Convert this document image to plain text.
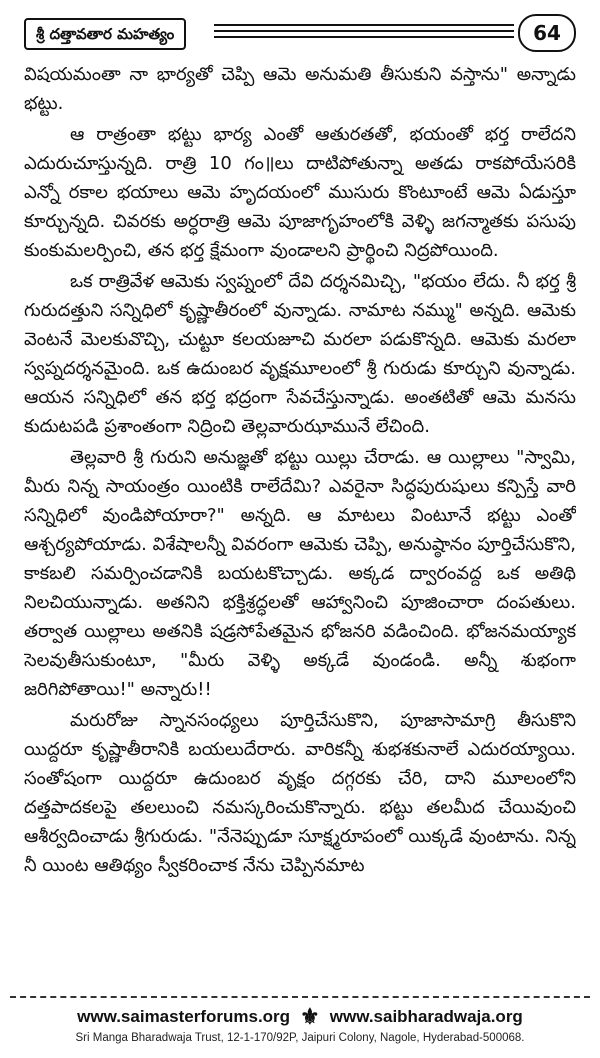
శ్రీ దత్తావతార మహత్యం	64

విషయమంతా నా భార్యతో చెప్పి ఆమె అనుమతి తీసుకుని వస్తాను" అన్నాడు భట్టు.

ఆ రాత్రంతా భట్టు భార్య ఎంతో ఆతురతతో, భయంతో భర్త రాలేదని ఎదురుచూస్తున్నది. రాత్రి 10 గం॥లు దాటిపోతున్నా అతడు రాకపోయేసరికి ఎన్నో రకాల భయాలు ఆమె హృదయంలో ముసురు కొంటూంటే ఆమె ఏడుస్తూ కూర్చున్నది. చివరకు అర్ధరాత్రి ఆమె పూజాగృహంలోకి వెళ్ళి జగన్మాతకు పసుపు కుంకుమలర్పించి, తన భర్త క్షేమంగా వుండాలని ప్రార్థించి నిద్రపోయింది.

ఒక రాత్రివేళ ఆమెకు స్వప్నంలో దేవి దర్శనమిచ్చి, "భయం లేదు. నీ భర్త శ్రీ గురుదత్తుని సన్నిధిలో కృష్ణాతీరంలో వున్నాడు. నామాట నమ్ము" అన్నది. ఆమెకు వెంటనే మెలకువొచ్చి, చుట్టూ కలయజూచి మరలా పడుకొన్నది. ఆమెకు మరలా స్వప్నదర్శనమైంది. ఒక ఉదుంబర వృక్షమూలంలో శ్రీ గురుడు కూర్చుని వున్నాడు. ఆయన సన్నిధిలో తన భర్త భద్రంగా సేవచేస్తున్నాడు. అంతటితో ఆమె మనసు కుదుటపడి ప్రశాంతంగా నిద్రించి తెల్లవారుఝామునే లేచింది.

తెల్లవారి శ్రీ గురుని అనుజ్ఞతో భట్టు యిల్లు చేరాడు. ఆ యిల్లాలు "స్వామి, మీరు నిన్న సాయంత్రం యింటికి రాలేదేమి? ఎవరైనా సిద్ధపురుషులు కన్పిస్తే వారి సన్నిధిలో వుండిపోయారా?" అన్నది. ఆ మాటలు వింటూనే భట్టు ఎంతో ఆశ్చర్యపోయాడు. విశేషాలన్నీ వివరంగా ఆమెకు చెప్పి, అనుష్ఠానం పూర్తిచేసుకొని, కాకబలి సమర్పించడానికి బయటకొచ్చాడు. అక్కడ ద్వారంవద్ద ఒక అతిథి నిలచియున్నాడు. అతనిని భక్తిశ్రద్ధలతో ఆహ్వానించి పూజించారా దంపతులు. తర్వాత యిల్లాలు అతనికి షడ్రసోపేతమైన భోజనరి వడించింది. భోజనమయ్యాక సెలవుతీసుకుంటూ, "మీరు వెళ్ళి అక్కడే వుండండి. అన్నీ శుభంగా జరిగిపోతాయి!" అన్నారు!!

మరురోజు స్నానసంధ్యలు పూర్తిచేసుకొని, పూజాసామాగ్రి తీసుకొని యిద్దరూ కృష్ణాతీరానికి బయలుదేరారు. వారికన్నీ శుభశకునాలే ఎదురయ్యాయి. సంతోషంగా యిద్దరూ ఉదుంబర వృక్షం దగ్గరకు చేరి, దాని మూలంలోని దత్తపాదకలపై తలలుంచి నమస్కరించుకొన్నారు. భట్టు తలమీద చేయివుంచి ఆశీర్వదించాడు శ్రీగురుడు. "నేనెప్పుడూ సూక్ష్మరూపంలో యిక్కడే వుంటాను. నిన్న నీ యింట ఆతిథ్యం స్వీకరించాక నేను చెప్పినమాట

www.saimasterforums.org ⚜ www.saibharadwaja.org
Sri Manga Bharadwaja Trust, 12-1-170/92P, Jaipuri Colony, Nagole, Hyderabad-500068.
